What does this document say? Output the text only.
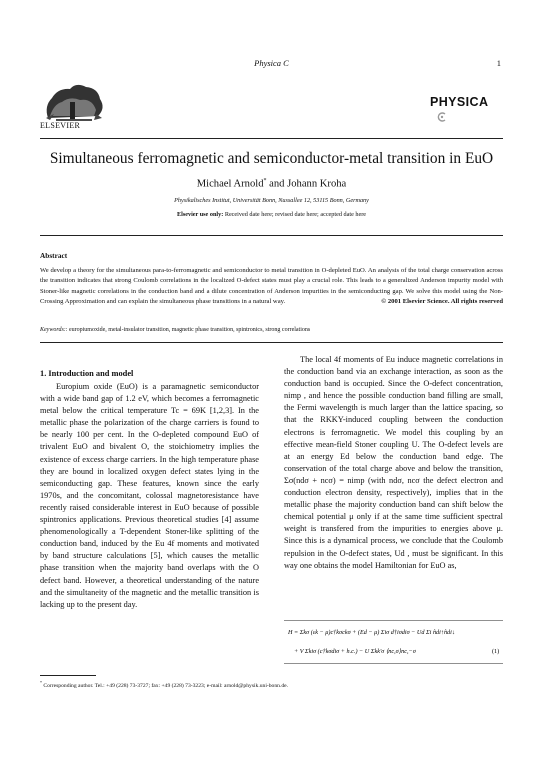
Physica C	1
ELSEVIER
PHYSICA
Simultaneous ferromagnetic and semiconductor-metal transition in EuO
Michael Arnold* and Johann Kroha
Physikalisches Institut, Universität Bonn, Nussallee 12, 53115 Bonn, Germany
Elsevier use only: Received date here; revised date here; accepted date here
Abstract
We develop a theory for the simultaneous para-to-ferromagnetic and semiconductor to metal transition in O-depleted EuO. An analysis of the total charge conservation across the transition indicates that strong Coulomb correlations in the localized O-defect states must play a crucial role. This leads to a generalized Anderson impurity model with Stoner-like magnetic correlations in the conduction band and a dilute concentration of Anderson impurities in the semiconducting gap. We solve this model using the Non-Crossing Approximation and can explain the simultaneous phase transitions in a natural way.	© 2001 Elsevier Science. All rights reserved
Keywords:: europiumoxide, metal-insulator transition, magnetic phase transition, spintronics, strong correlations
1. Introduction and model

Europium oxide (EuO) is a paramagnetic semiconductor with a wide band gap of 1.2 eV, which becomes a ferromagnetic metal below the critical temperature Tc = 69K [1,2,3]. In the metallic phase the polarization of the charge carriers is found to be nearly 100 per cent. In the O-depleted compound EuO of trivalent EuO and bivalent O, the stoichiometry implies the existence of excess charge carriers. In the high temperature phase they are bound in localized oxygen defect states lying in the semiconducting gap. These features, known since the early 1970s, and the concomitant, colossal magnetoresistance have recently raised considerable interest in EuO because of possible spintronics applications. Previous theoretical studies [4] assume phenomenologically a T-dependent Stoner-like splitting of the conduction band, induced by the Eu 4f moments and motivated by band structure calculations [5], which causes the metallic phase transition when the majority band overlaps with the O defect band. However, a theoretical understanding of the nature and the simultaneity of the magnetic and the metallic transition is lacking up to the present day.

The local 4f moments of Eu induce magnetic correlations in the conduction band via an exchange interaction, as soon as the conduction band is occupied. Since the O-defect concentration, nimp , and hence the possible conduction band filling are small, the Fermi wavelength is much larger than the lattice spacing, so that the RKKY-induced coupling between the conduction electrons is ferromagnetic. We model this coupling by an effective mean-field Stoner coupling U. The O-defect levels are at an energy Ed below the conduction band edge. The conservation of the total charge above and below the transition, Σσ(ndσ + ncσ) = nimp (with ndσ, ncσ the defect electron and conduction electron density, respectively), implies that in the metallic phase the majority conduction band can shift below the chemical potential μ only if at the same time sufficient spectral weight is transfered from the impurities to energies above μ. Since this is a dynamical process, we conclude that the Coulomb repulsion in the O-defect states, Ud , must be significant. In this way one obtains the model Hamiltonian for EuO as,

H = Σkσ (εk − μ)c†kσckσ + (Ed − μ) Σiσ d†iσdiσ − Ud Σi n̂di↑n̂di↓
+ V Σkiσ (c†kσdiσ + h.c.) − U Σkk'σ ⟨nc,σ⟩nc,−σ	(1)
* Corresponding author. Tel.: +49 (228) 73-3727; fax: +49 (228) 73-3223; e-mail: arnold@physik.uni-bonn.de.
